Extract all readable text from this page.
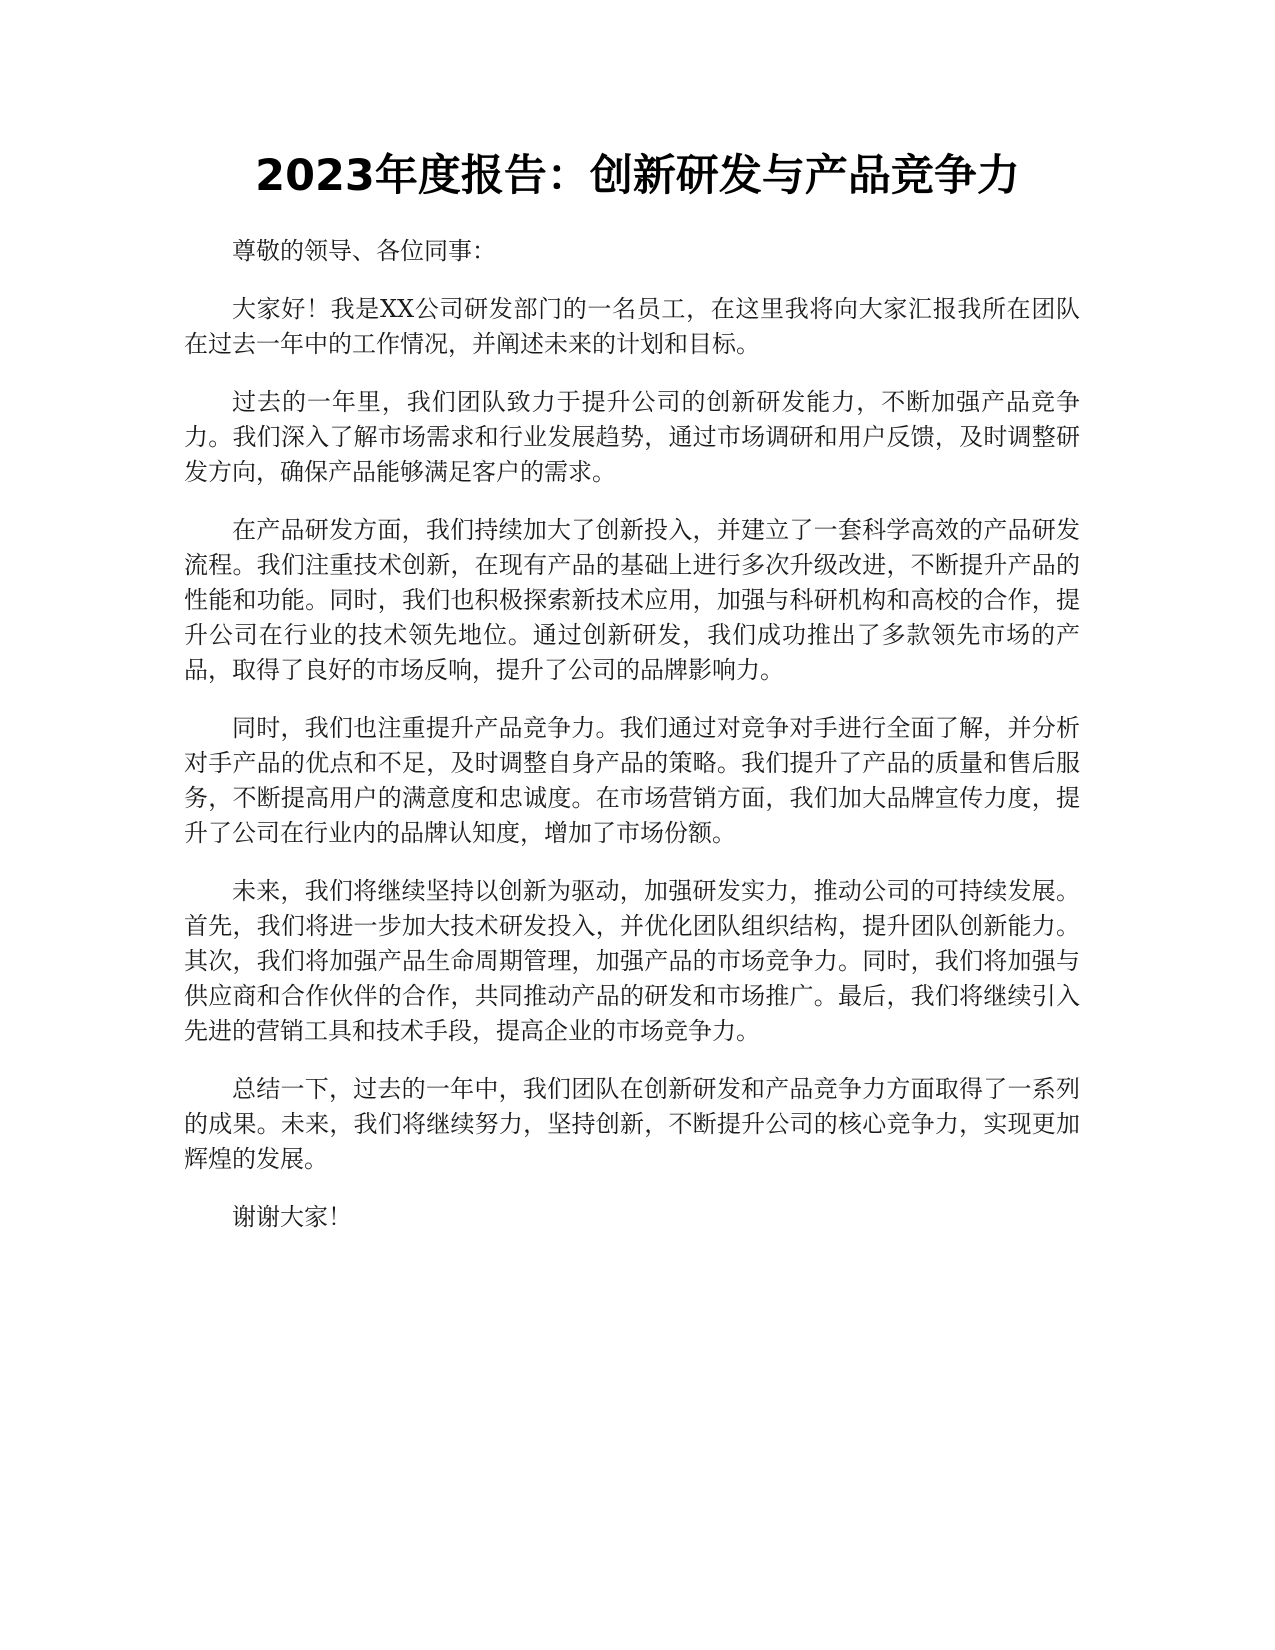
2023年度报告：创新研发与产品竞争力

尊敬的领导、各位同事：

大家好！我是XX公司研发部门的一名员工，在这里我将向大家汇报我所在团队在过去一年中的工作情况，并阐述未来的计划和目标。

过去的一年里，我们团队致力于提升公司的创新研发能力，不断加强产品竞争力。我们深入了解市场需求和行业发展趋势，通过市场调研和用户反馈，及时调整研发方向，确保产品能够满足客户的需求。

在产品研发方面，我们持续加大了创新投入，并建立了一套科学高效的产品研发流程。我们注重技术创新，在现有产品的基础上进行多次升级改进，不断提升产品的性能和功能。同时，我们也积极探索新技术应用，加强与科研机构和高校的合作，提升公司在行业的技术领先地位。通过创新研发，我们成功推出了多款领先市场的产品，取得了良好的市场反响，提升了公司的品牌影响力。

同时，我们也注重提升产品竞争力。我们通过对竞争对手进行全面了解，并分析对手产品的优点和不足，及时调整自身产品的策略。我们提升了产品的质量和售后服务，不断提高用户的满意度和忠诚度。在市场营销方面，我们加大品牌宣传力度，提升了公司在行业内的品牌认知度，增加了市场份额。

未来，我们将继续坚持以创新为驱动，加强研发实力，推动公司的可持续发展。首先，我们将进一步加大技术研发投入，并优化团队组织结构，提升团队创新能力。其次，我们将加强产品生命周期管理，加强产品的市场竞争力。同时，我们将加强与供应商和合作伙伴的合作，共同推动产品的研发和市场推广。最后，我们将继续引入先进的营销工具和技术手段，提高企业的市场竞争力。

总结一下，过去的一年中，我们团队在创新研发和产品竞争力方面取得了一系列的成果。未来，我们将继续努力，坚持创新，不断提升公司的核心竞争力，实现更加辉煌的发展。

谢谢大家！
